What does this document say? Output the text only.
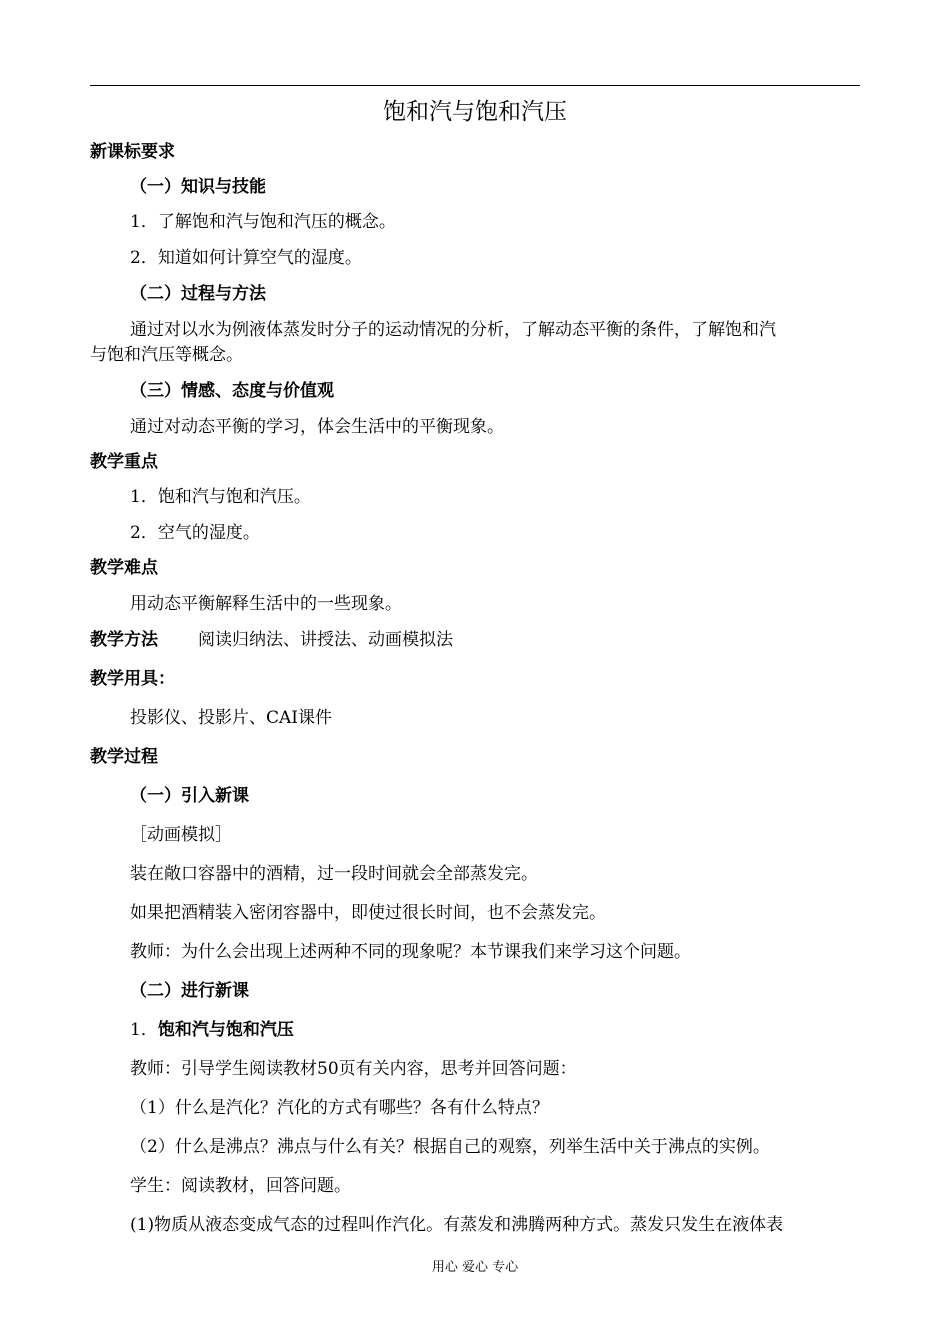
饱和汽与饱和汽压
新课标要求
（一）知识与技能
1．了解饱和汽与饱和汽压的概念。
2．知道如何计算空气的湿度。
（二）过程与方法
通过对以水为例液体蒸发时分子的运动情况的分析，了解动态平衡的条件，了解饱和汽
与饱和汽压等概念。
（三）情感、态度与价值观
通过对动态平衡的学习，体会生活中的平衡现象。
教学重点
1．饱和汽与饱和汽压。
2．空气的湿度。
教学难点
用动态平衡解释生活中的一些现象。
教学方法 阅读归纳法、讲授法、动画模拟法
教学用具：
投影仪、投影片、CAI课件
教学过程
（一）引入新课
［动画模拟］
装在敞口容器中的酒精，过一段时间就会全部蒸发完。
如果把酒精装入密闭容器中，即使过很长时间，也不会蒸发完。
教师：为什么会出现上述两种不同的现象呢？本节课我们来学习这个问题。
（二）进行新课
1．饱和汽与饱和汽压
教师：引导学生阅读教材50页有关内容，思考并回答问题：
（1）什么是汽化？汽化的方式有哪些？各有什么特点？
（2）什么是沸点？沸点与什么有关？根据自己的观察，列举生活中关于沸点的实例。
学生：阅读教材，回答问题。
(1)物质从液态变成气态的过程叫作汽化。有蒸发和沸腾两种方式。蒸发只发生在液体表
用心 爱心 专心
